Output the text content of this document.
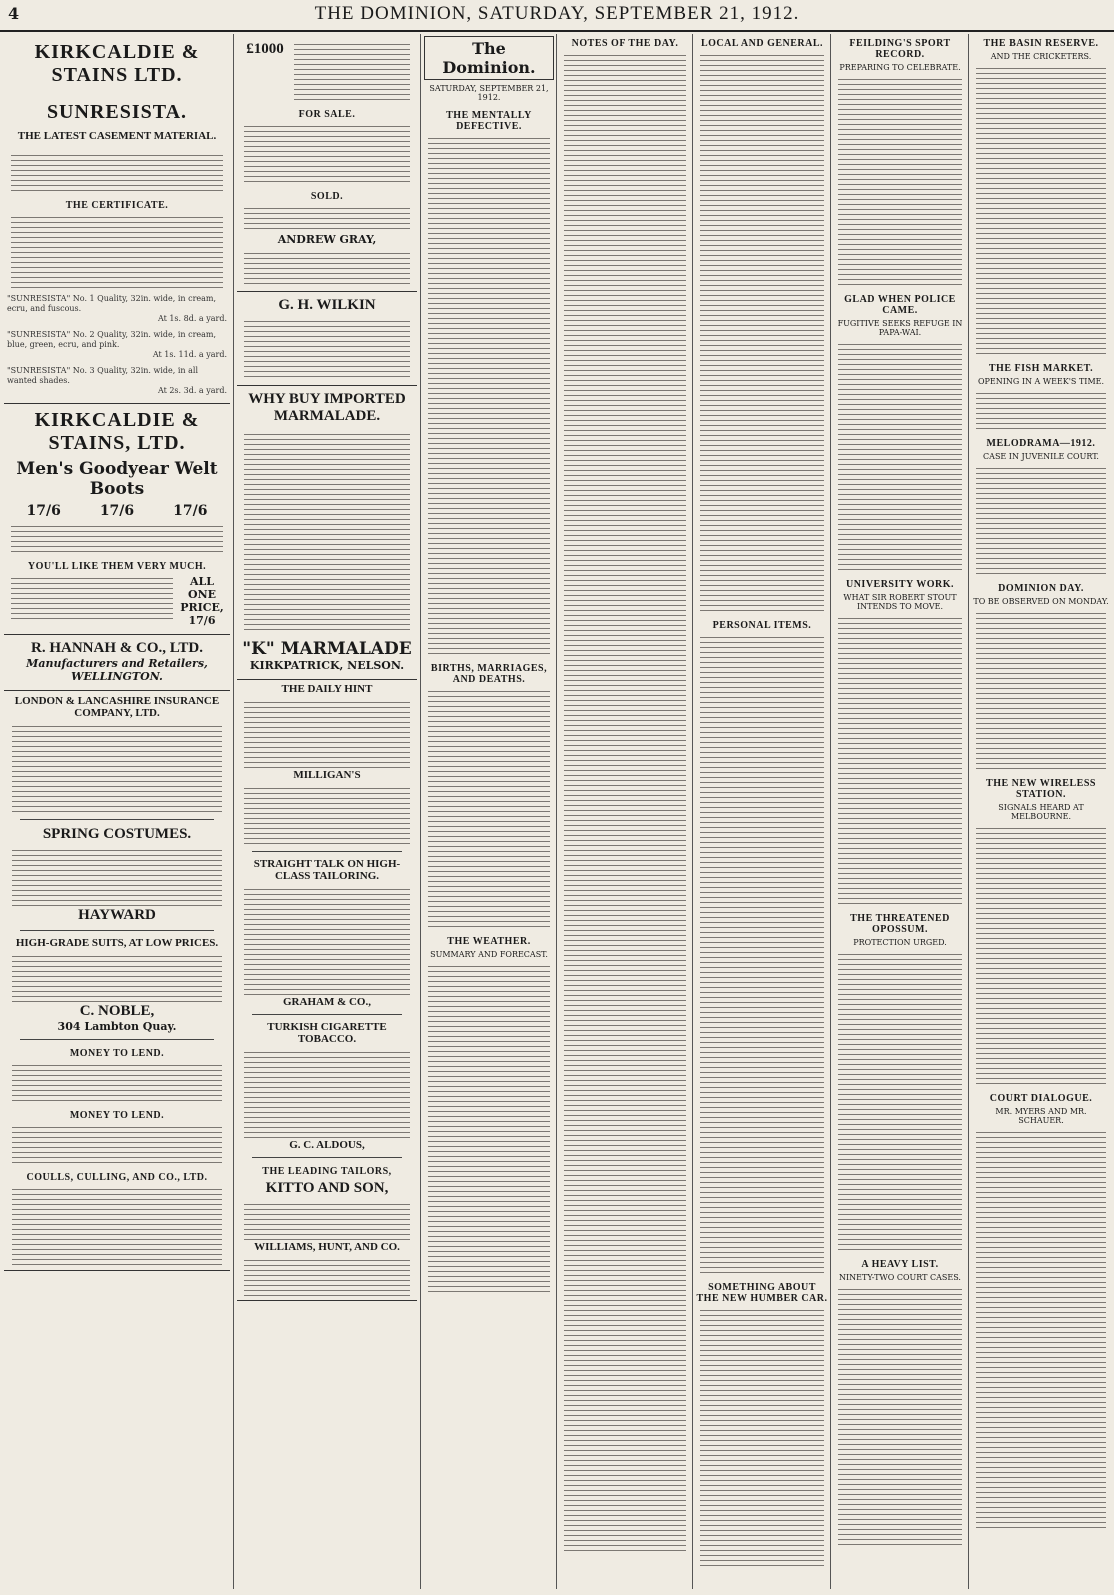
4	THE DOMINION, SATURDAY, SEPTEMBER 21, 1912.
KIRKCALDIE & STAINS LTD.
SUNRESISTA.
THE LATEST CASEMENT MATERIAL.
THE CERTIFICATE.
"SUNRESISTA" No. 1 Quality, 32in. wide, in cream, ecru, and fuscous.
At 1s. 8d. a yard.
"SUNRESISTA" No. 2 Quality, 32in. wide, in cream, blue, green, ecru, and pink.
At 1s. 11d. a yard.
"SUNRESISTA" No. 3 Quality, 32in. wide, in all wanted shades.
At 2s. 3d. a yard.
KIRKCALDIE & STAINS, LTD.
Men's Goodyear Welt Boots
17/6	17/6	17/6
YOU'LL LIKE THEM VERY MUCH.
ALL ONE PRICE, 17/6
R. HANNAH & CO., LTD.
Manufacturers and Retailers, WELLINGTON.
LONDON & LANCASHIRE INSURANCE COMPANY, LTD.
SPRING COSTUMES.
HAYWARD
HIGH-GRADE SUITS, AT LOW PRICES.
C. NOBLE,
304 Lambton Quay.
MONEY TO LEND.
MONEY TO LEND.
COULLS, CULLING, AND CO., LTD.
£1000
FOR SALE.
SOLD.
ANDREW GRAY,
G. H. WILKIN
WHY BUY IMPORTED MARMALADE.
"K" MARMALADE
KIRKPATRICK, NELSON.
THE DAILY HINT
MILLIGAN'S
STRAIGHT TALK ON HIGH-CLASS TAILORING.
GRAHAM & CO.,
TURKISH CIGARETTE TOBACCO.
G. C. ALDOUS,
THE LEADING TAILORS,
KITTO AND SON,
WILLIAMS, HUNT, AND CO.
The Dominion.
SATURDAY, SEPTEMBER 21, 1912.
THE MENTALLY DEFECTIVE.
BIRTHS, MARRIAGES, AND DEATHS.
THE WEATHER.
SUMMARY AND FORECAST.
NOTES OF THE DAY.	LOCAL AND GENERAL.
PERSONAL ITEMS.
SOMETHING ABOUT THE NEW HUMBER CAR.
FEILDING'S SPORT RECORD.
PREPARING TO CELEBRATE.
GLAD WHEN POLICE CAME.
FUGITIVE SEEKS REFUGE IN PAPA-WAI.
UNIVERSITY WORK.
WHAT SIR ROBERT STOUT INTENDS TO MOVE.
THE THREATENED OPOSSUM.
PROTECTION URGED.
A HEAVY LIST.
NINETY-TWO COURT CASES.
THE BASIN RESERVE.
AND THE CRICKETERS.
THE FISH MARKET.
OPENING IN A WEEK'S TIME.
MELODRAMA—1912.
CASE IN JUVENILE COURT.
DOMINION DAY.
TO BE OBSERVED ON MONDAY.
THE NEW WIRELESS STATION.
SIGNALS HEARD AT MELBOURNE.
COURT DIALOGUE.
MR. MYERS AND MR. SCHAUER.
